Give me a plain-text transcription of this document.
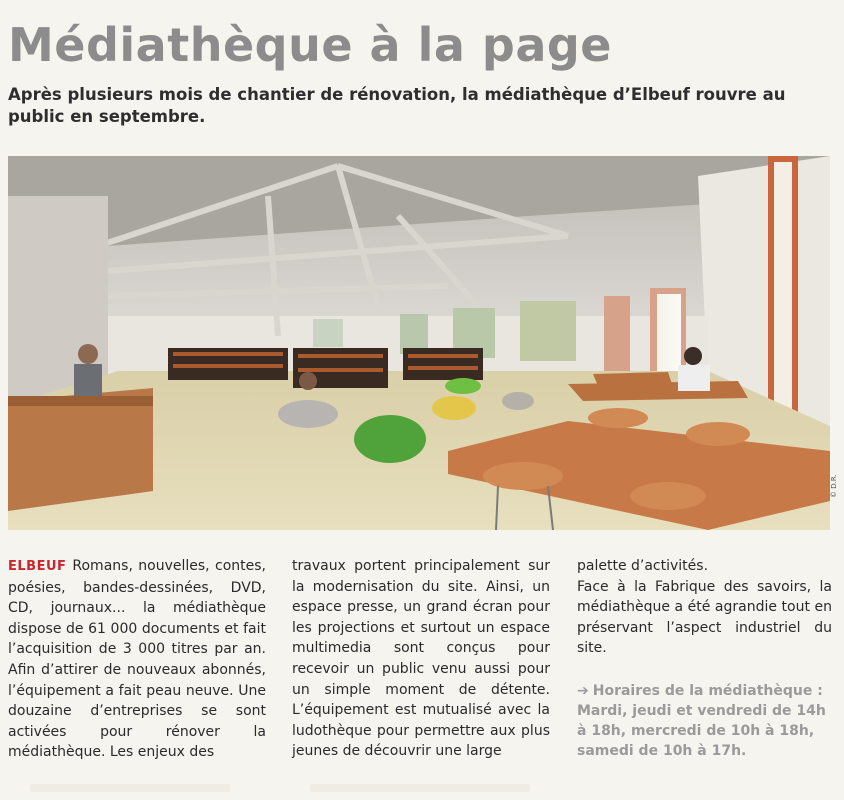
Médiathèque à la page

Après plusieurs mois de chantier de rénovation, la médiathèque d’Elbeuf rouvre au public en septembre.

© D.R.

ELBEUF Romans, nouvelles, contes, poésies, bandes-dessinées, DVD, CD, journaux... la médiathèque dispose de 61 000 documents et fait l’acquisition de 3 000 titres par an. Afin d’attirer de nouveaux abonnés, l’équipement a fait peau neuve. Une douzaine d’entreprises se sont activées pour rénover la médiathèque. Les enjeux des

travaux portent principalement sur la modernisation du site. Ainsi, un espace presse, un grand écran pour les projections et surtout un espace multimedia sont conçus pour recevoir un public venu aussi pour un simple moment de détente. L’équipement est mutualisé avec la ludothèque pour permettre aux plus jeunes de découvrir une large

palette d’activités.

Face à la Fabrique des savoirs, la médiathèque a été agrandie tout en préservant l’aspect industriel du site.

➔ Horaires de la médiathèque : Mardi, jeudi et vendredi de 14h à 18h, mercredi de 10h à 18h, samedi de 10h à 17h.
